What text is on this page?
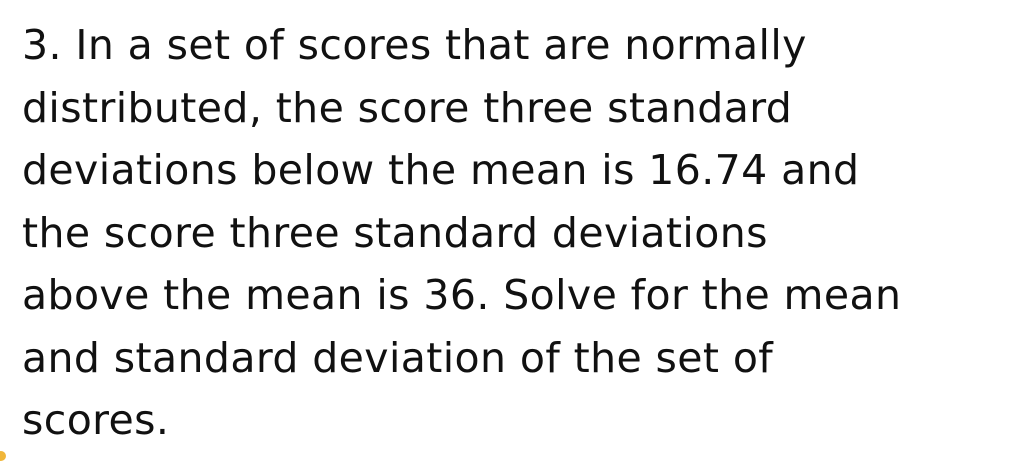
3. In a set of scores that are normally
distributed, the score three standard
deviations below the mean is 16.74 and
the score three standard deviations
above the mean is 36. Solve for the mean
and standard deviation of the set of
scores.
